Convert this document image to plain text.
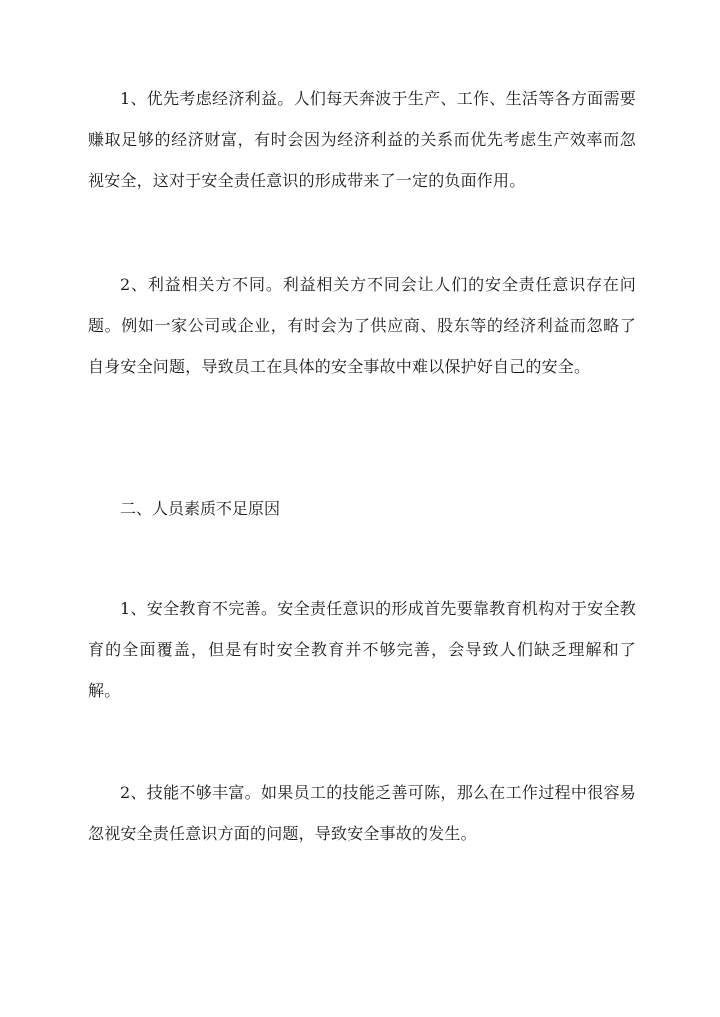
1、优先考虑经济利益。人们每天奔波于生产、工作、生活等各方面需要赚取足够的经济财富，有时会因为经济利益的关系而优先考虑生产效率而忽视安全，这对于安全责任意识的形成带来了一定的负面作用。

2、利益相关方不同。利益相关方不同会让人们的安全责任意识存在问题。例如一家公司或企业，有时会为了供应商、股东等的经济利益而忽略了自身安全问题，导致员工在具体的安全事故中难以保护好自己的安全。

二、人员素质不足原因

1、安全教育不完善。安全责任意识的形成首先要靠教育机构对于安全教育的全面覆盖，但是有时安全教育并不够完善，会导致人们缺乏理解和了解。

2、技能不够丰富。如果员工的技能乏善可陈，那么在工作过程中很容易忽视安全责任意识方面的问题，导致安全事故的发生。
